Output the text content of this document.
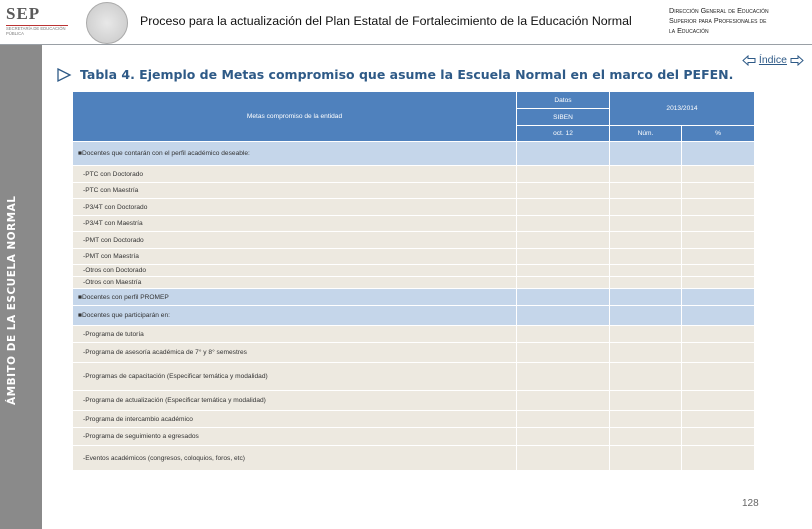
SEP
SECRETARÍA DE EDUCACIÓN PÚBLICA
Proceso para la actualización del Plan Estatal de Fortalecimiento de la Educación Normal
Dirección General de Educación
Superior para Profesionales de
la Educación
Tabla 4. Ejemplo de Metas compromiso que asume la Escuela Normal en el marco del PEFEN.
Índice
Metas compromiso de la entidad	Datos	2013/2014	
	SIBEN		
	oct. 12	Núm.	%
■Docentes que contarán con el perfil académico deseable:			
-PTC con Doctorado			
-PTC con Maestría			
-P3/4T con Doctorado			
-P3/4T con Maestría			
-PMT con Doctorado			
-PMT con Maestría			
-Otros con Doctorado			
-Otros con Maestría			
■Docentes con perfil PROMEP			
■Docentes que participarán en:			
-Programa de tutoría			
-Programa de asesoría académica de 7° y 8° semestres			
-Programas de capacitación (Especificar temática y modalidad)			
-Programa de actualización (Especificar temática y modalidad)			
-Programa de intercambio académico			
-Programa de seguimiento a egresados			
-Eventos académicos (congresos, coloquios, foros, etc)			
128
